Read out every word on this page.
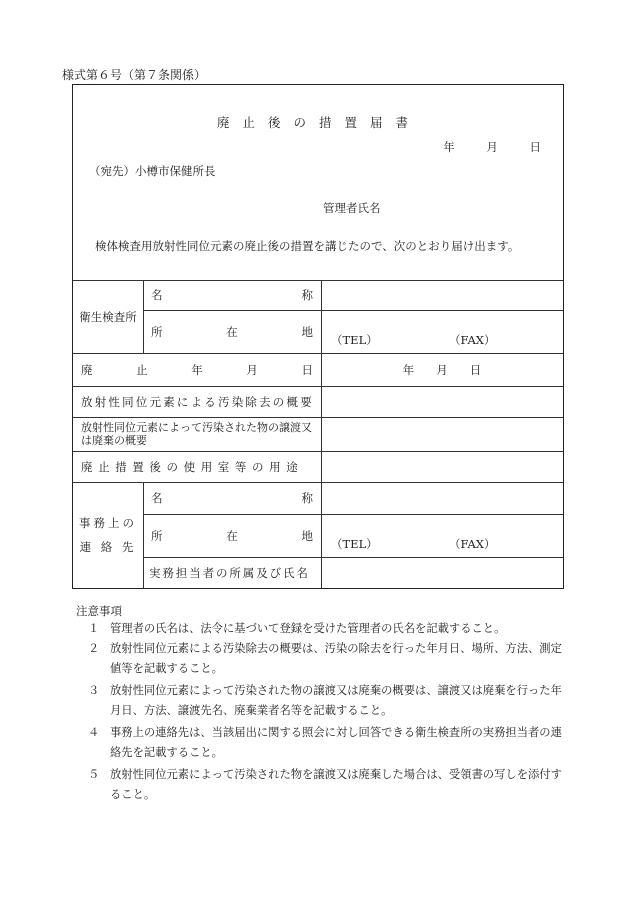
様式第６号（第７条関係）
廃止後の措置届書
年	月	日
（宛先）小樽市保健所長
管理者氏名
検体検査用放射性同位元素の廃止後の措置を講じたので、次のとおり届け出ます。
衛生検査所
名	称
所	在	地
（TEL）	（FAX）
廃	止	年	月	日	年 月 日
放射性同位元素による汚染除去の概要
放射性同位元素によって汚染された物の譲渡又は廃棄の概要
廃止措置後の使用室等の用途
事務上の
連 絡 先
名	称
所	在	地
（TEL）	（FAX）
実務担当者の所属及び氏名
注意事項
１ 管理者の氏名は、法令に基づいて登録を受けた管理者の氏名を記載すること。
２ 放射性同位元素による汚染除去の概要は、汚染の除去を行った年月日、場所、方法、測定値等を記載すること。
３ 放射性同位元素によって汚染された物の譲渡又は廃棄の概要は、譲渡又は廃棄を行った年月日、方法、譲渡先名、廃棄業者名等を記載すること。
４ 事務上の連絡先は、当該届出に関する照会に対し回答できる衛生検査所の実務担当者の連絡先を記載すること。
５ 放射性同位元素によって汚染された物を譲渡又は廃棄した場合は、受領書の写しを添付すること。
